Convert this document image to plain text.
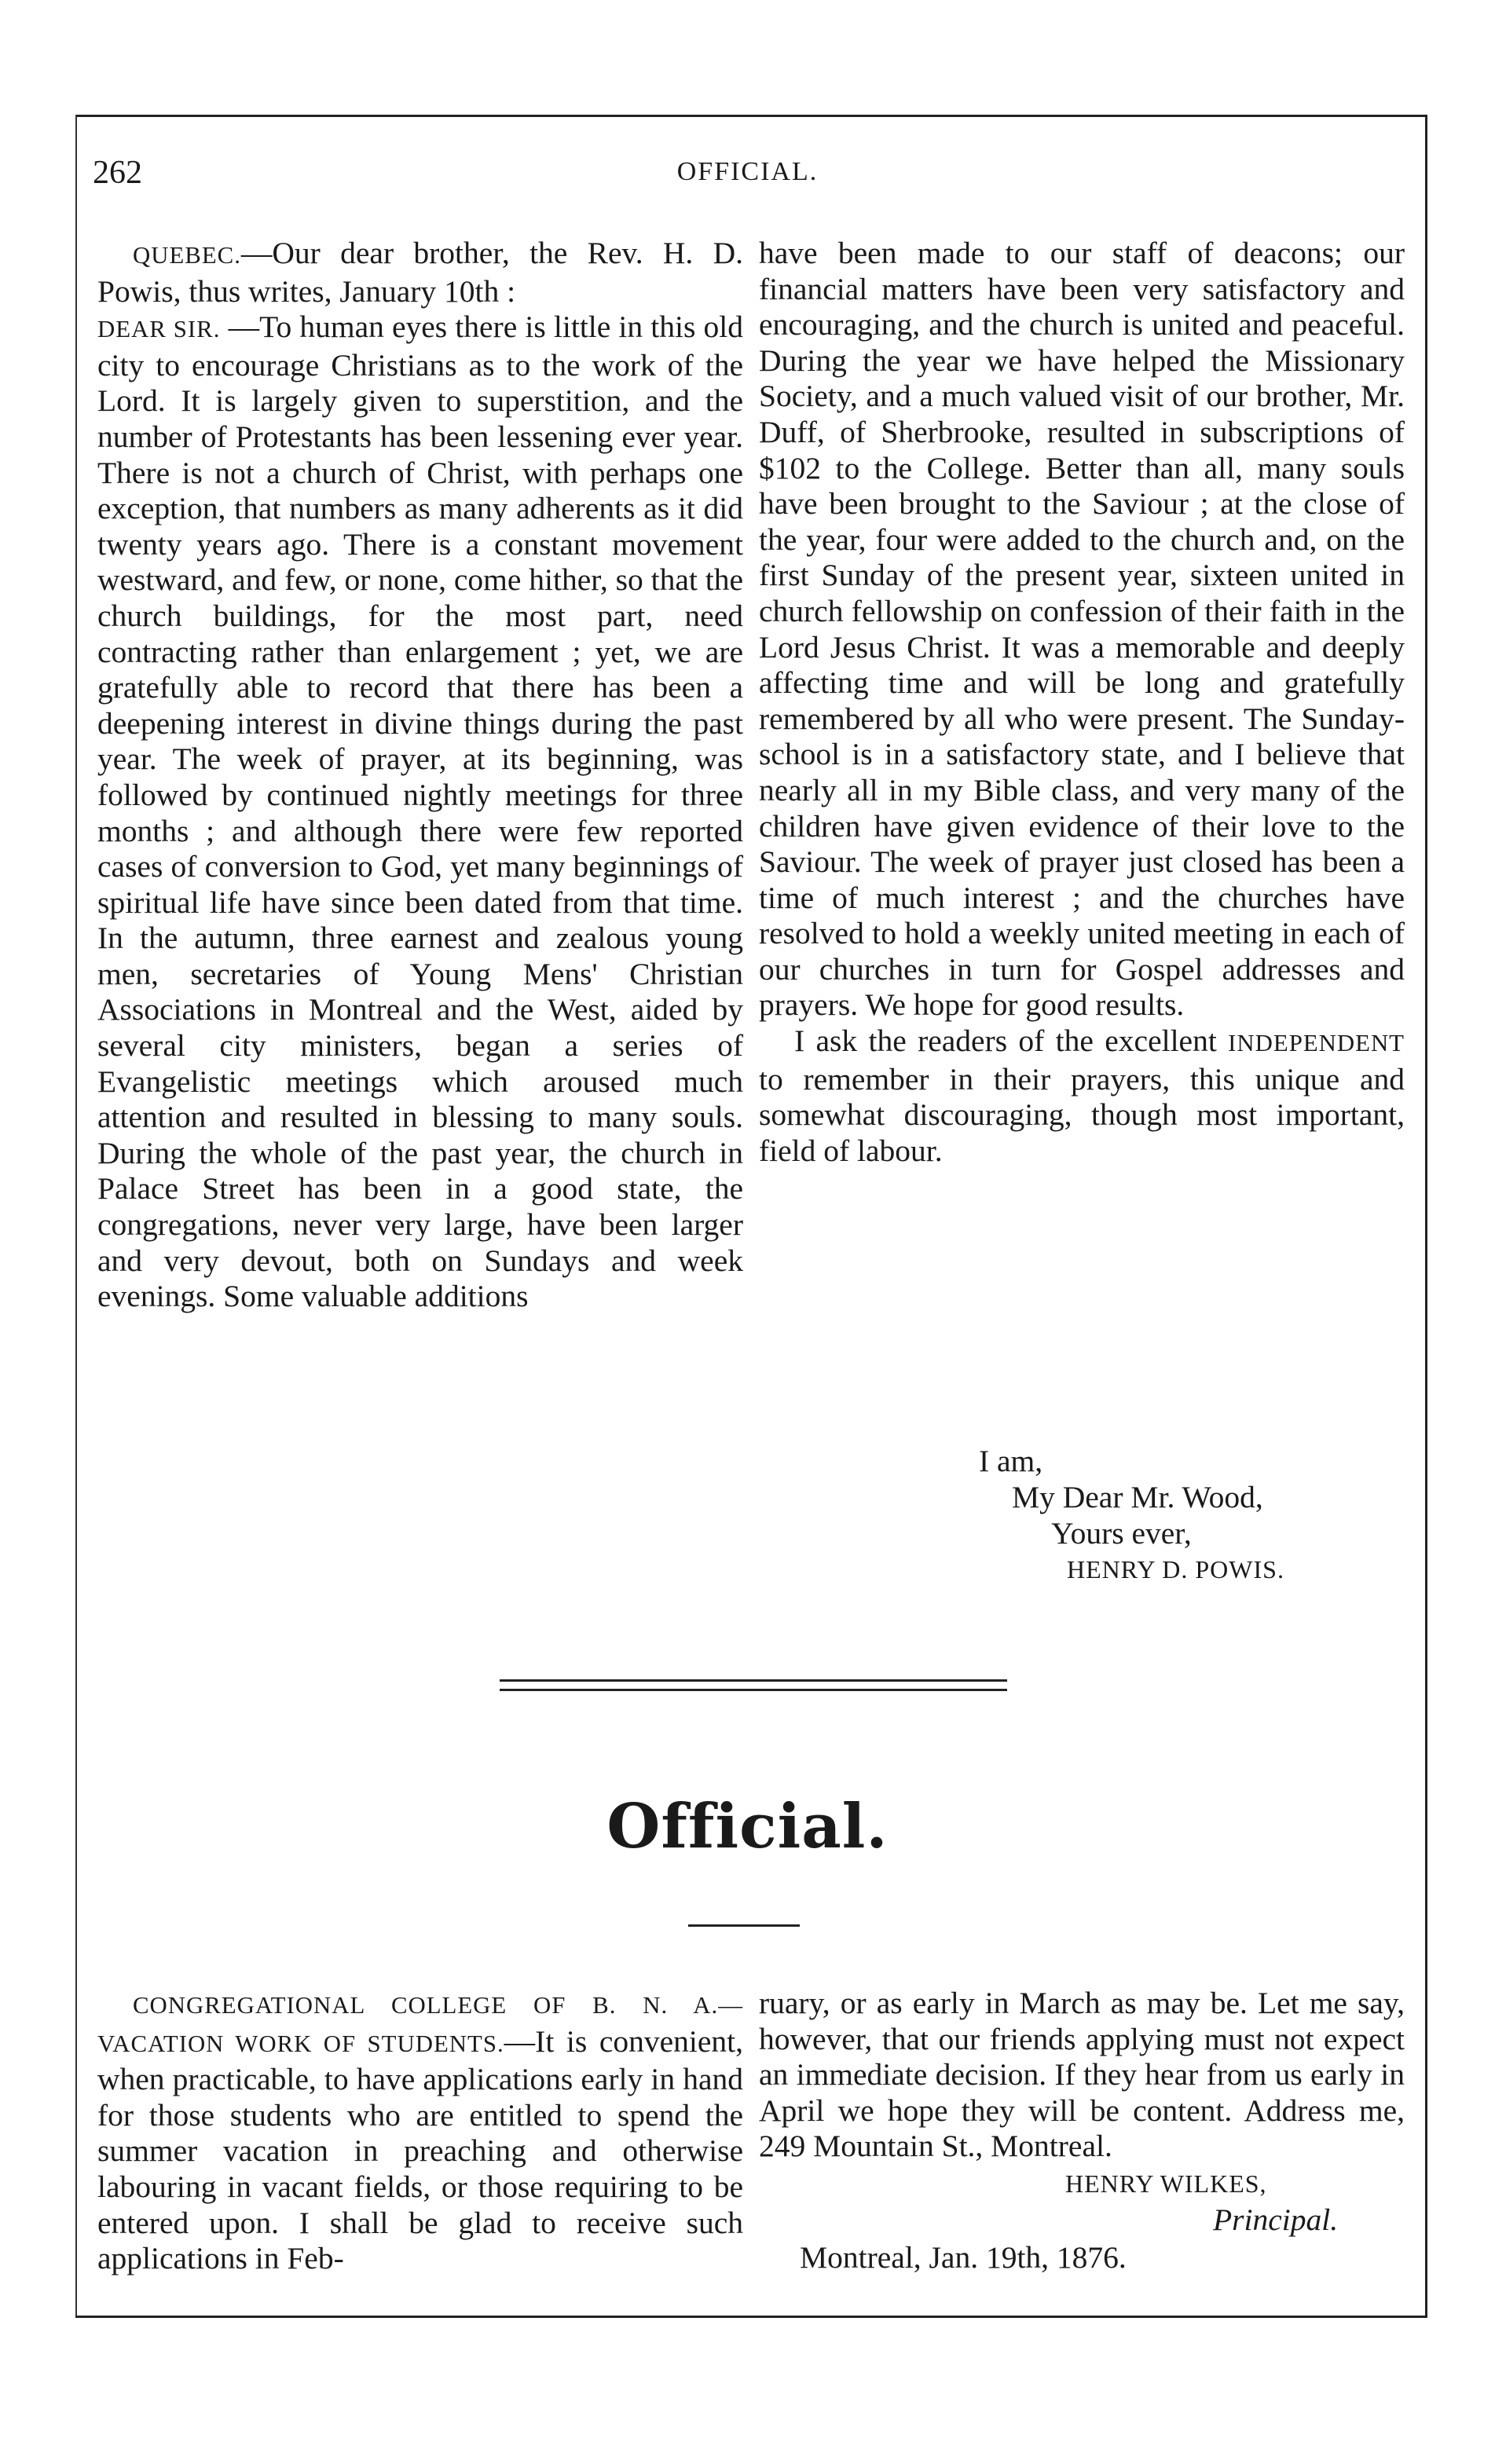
262	OFFICIAL.

QUEBEC.—Our dear brother, the Rev. H. D. Powis, thus writes, January 10th :

DEAR SIR. —To human eyes there is little in this old city to encourage Christians as to the work of the Lord. It is largely given to superstition, and the number of Protestants has been lessening ever year. There is not a church of Christ, with perhaps one exception, that numbers as many adherents as it did twenty years ago. There is a constant movement westward, and few, or none, come hither, so that the church buildings, for the most part, need contracting rather than enlargement ; yet, we are gratefully able to record that there has been a deepening interest in divine things during the past year. The week of prayer, at its beginning, was followed by continued nightly meetings for three months ; and although there were few reported cases of conversion to God, yet many beginnings of spiritual life have since been dated from that time. In the autumn, three earnest and zealous young men, secretaries of Young Mens' Christian Associations in Montreal and the West, aided by several city ministers, began a series of Evangelistic meetings which aroused much attention and resulted in blessing to many souls. During the whole of the past year, the church in Palace Street has been in a good state, the congregations, never very large, have been larger and very devout, both on Sundays and week evenings. Some valuable additions

have been made to our staff of deacons; our financial matters have been very satisfactory and encouraging, and the church is united and peaceful. During the year we have helped the Missionary Society, and a much valued visit of our brother, Mr. Duff, of Sherbrooke, resulted in subscriptions of $102 to the College. Better than all, many souls have been brought to the Saviour ; at the close of the year, four were added to the church and, on the first Sunday of the present year, sixteen united in church fellowship on confession of their faith in the Lord Jesus Christ. It was a memorable and deeply affecting time and will be long and gratefully remembered by all who were present. The Sunday-school is in a satisfactory state, and I believe that nearly all in my Bible class, and very many of the children have given evidence of their love to the Saviour. The week of prayer just closed has been a time of much interest ; and the churches have resolved to hold a weekly united meeting in each of our churches in turn for Gospel addresses and prayers. We hope for good results.

I ask the readers of the excellent INDEPENDENT to remember in their prayers, this unique and somewhat discouraging, though most important, field of labour.

I am,
My Dear Mr. Wood,
Yours ever,
HENRY D. POWIS.
Official.

CONGREGATIONAL COLLEGE OF B. N. A.—VACATION WORK OF STUDENTS.—It is convenient, when practicable, to have applications early in hand for those students who are entitled to spend the summer vacation in preaching and otherwise labouring in vacant fields, or those requiring to be entered upon. I shall be glad to receive such applications in Feb-

ruary, or as early in March as may be. Let me say, however, that our friends applying must not expect an immediate decision. If they hear from us early in April we hope they will be content. Address me, 249 Mountain St., Montreal.

HENRY WILKES,
Principal.
Montreal, Jan. 19th, 1876.
